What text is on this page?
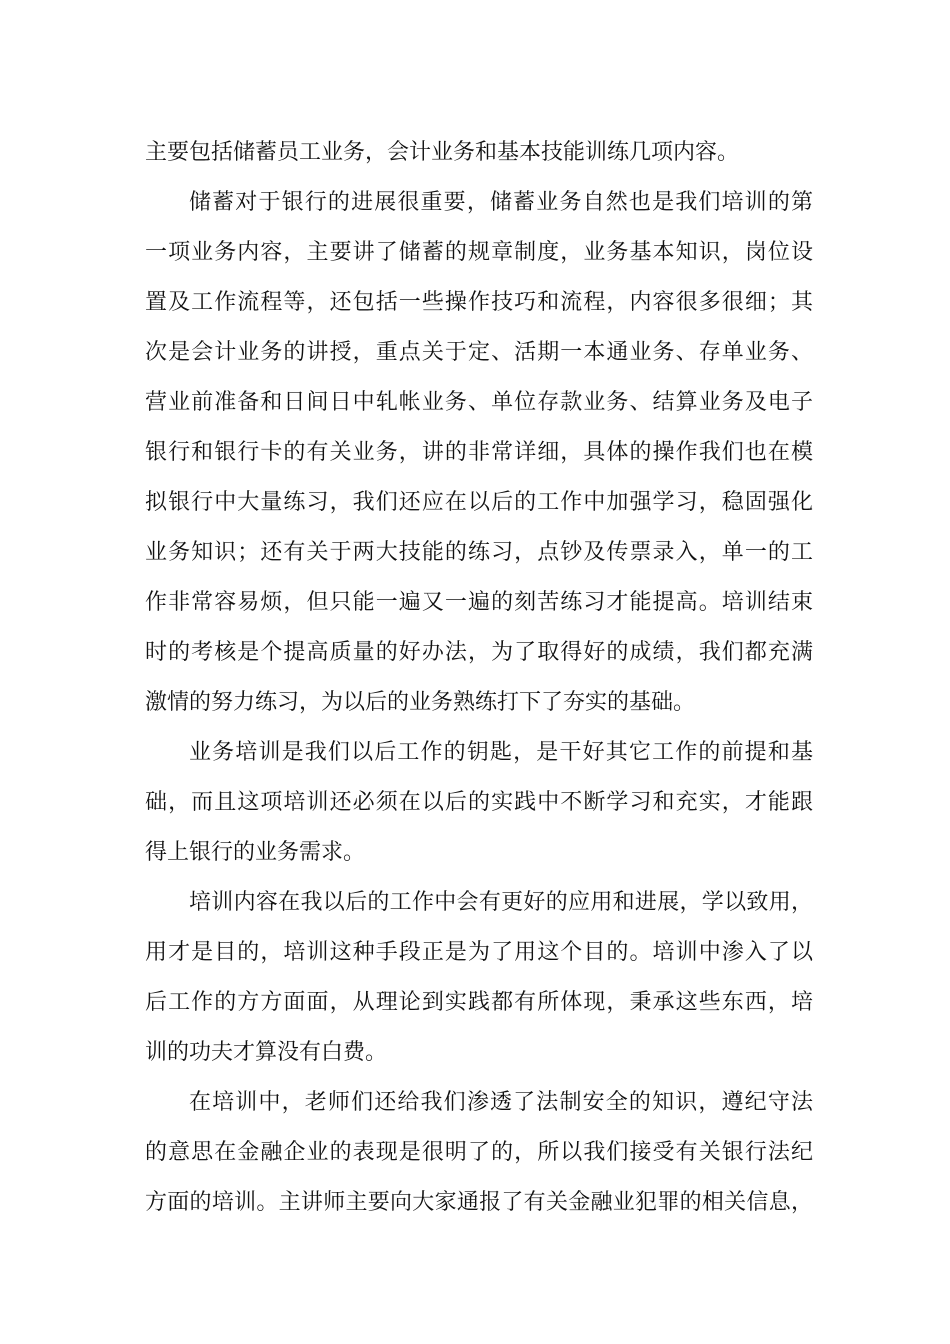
主要包括储蓄员工业务，会计业务和基本技能训练几项内容。
储蓄对于银行的进展很重要，储蓄业务自然也是我们培训的第
一项业务内容，主要讲了储蓄的规章制度，业务基本知识，岗位设
置及工作流程等，还包括一些操作技巧和流程，内容很多很细；其
次是会计业务的讲授，重点关于定、活期一本通业务、存单业务、
营业前准备和日间日中轧帐业务、单位存款业务、结算业务及电子
银行和银行卡的有关业务，讲的非常详细，具体的操作我们也在模
拟银行中大量练习，我们还应在以后的工作中加强学习，稳固强化
业务知识；还有关于两大技能的练习，点钞及传票录入，单一的工
作非常容易烦，但只能一遍又一遍的刻苦练习才能提高。培训结束
时的考核是个提高质量的好办法，为了取得好的成绩，我们都充满
激情的努力练习，为以后的业务熟练打下了夯实的基础。
业务培训是我们以后工作的钥匙，是干好其它工作的前提和基
础，而且这项培训还必须在以后的实践中不断学习和充实，才能跟
得上银行的业务需求。
培训内容在我以后的工作中会有更好的应用和进展，学以致用，
用才是目的，培训这种手段正是为了用这个目的。培训中渗入了以
后工作的方方面面，从理论到实践都有所体现，秉承这些东西，培
训的功夫才算没有白费。
在培训中，老师们还给我们渗透了法制安全的知识，遵纪守法
的意思在金融企业的表现是很明了的，所以我们接受有关银行法纪
方面的培训。主讲师主要向大家通报了有关金融业犯罪的相关信息，
